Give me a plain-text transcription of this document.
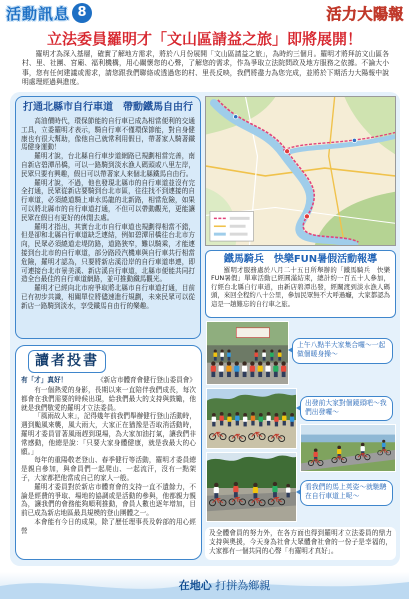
活動訊息 8	活力大陽報
立法委員羅明才「文山區請益之旅」即將展開！
羅明才為深入基層，確實了解地方需求，將於八月份展開「文山區請益之旅」，為時約三個月。羅明才將拜訪文山區各村、里、社團、宮廟、福利機構，用心關懷您的心聲，了解您的需求，作為爭取立法院問政及地方服務之依據。不論大小事，您有任何建議或需求，請您跟我們聯絡或透過您的村、里長反映，我們將盡力為您完成，並將於下期活力大陽報中說明處理經過與進度。
打通北縣市自行車道　帶動鐵馬自由行

高油價時代，環保節能的自行車已成為相當便利的交通工具，立委羅明才表示，騎自行車不僅環保節能，對自身健康也有很大幫助，像他自己就常利用假日，帶著家人騎著鐵馬健身運動！

羅明才說，台北縣自行車步道網路已規劃相當完善，南自新店碧潭吊橋，可以一路騎到淡水漁人碼頭或八里左岸，民眾只要有興趣，假日可以帶著家人來個北縣鐵馬自由行。

羅明才說，不過，他也發現北縣市的自行車道並沒有完全打通，民眾從新店要騎到台北市區，往往找不到連接的自行車道，必須繞道騎上車水馬龍的北新路，相當危險，如果可以將北縣市的自行車道打通，不但可以帶動觀光，更能讓民眾在假日有更好的休閒去處。

羅明才指出，其實台北市自行車道也規劃得相當不錯，但是卻和北縣自行車道缺乏連結，例如碧潭吊橋往台北市方向，民眾必須繞道走堤防路，道路狹窄，難以騎乘，才能連接到台北市的自行車道，部分路段汽機車與自行車共行相當危險，羅明才認為，只要將新店溪沿岸的自行車道串連，即可連接台北市景美溪、新店溪自行車道，北縣市便能共同打造全台最佳的自行車道網路，並可推動鐵馬觀光。

羅明才已經向北市府爭取將北縣市自行車道打通，目前已有初步共識，相關單位將儘速進行規劃，未來民眾可以從新店一路騎到淡水，享受鐵馬自由行的樂趣。

鐵馬騎兵　快樂FUN暑假活動報導
羅明才服務處於八月二十五日所舉辦的「鐵馬騎兵　快樂FUN暑假」單車活動已經圓滿結束，總計約一百五十人參加，行經台北縣自行車道，由新店碧潭出發，經關渡到淡水漁人碼頭，來回全程約八十公里，參加民眾無不大呼過癮，大家都認為這是一趟難忘的自行車之旅。
上午八點半大家集合囉～一起做個暖身操～
出發前大家對個鏡頭吧～我們出發囉～
看我們的馬上英姿～就馳騁在自行車道上呢～
有「才」真好！	《新店市體育會健行登山委員會》

有一個熱愛的身影，長期以來一直陪伴我們成長，每次都會在我們需要的時候出現，給我們最大的支持與鼓勵，他就是我們敬愛的羅明才立法委員。

「風雨故人來」，記得幾年前我們舉辦健行登山活動時，遇到颱風來襲，風大雨大，大家正在猶豫是否取消活動時，羅明才委員冒著風雨趕到現場，為大家加油打氣，讓我們非常感動，他總是說：「只要大家身體健康，就是我最大的心願。」

每年的重陽敬老登山、春季健行等活動，羅明才委員總是親自參加，與會員們一起爬山、一起流汗，沒有一點架子，大家都把他當成自己的家人一般。

羅明才委員對於新店市體育會的支持一直不遺餘力，不論是經費的爭取、場地的協調或是活動的參與，他都親力親為，讓我們的會務能夠順利推動，會員人數也逐年增加，目前已成為新店地區最具規模的登山團體之一。

本會能有今日的成果，除了歷任理事長及幹部的用心經營

讀者投書
及全體會員的努力外，在各方面也得到羅明才立法委員的鼎力支持與奧援，今天身為社會大眾體會社會的一份子是幸福的，大家都有一個共同的心聲「有羅明才真好」。
在地心 打拼為鄉親
